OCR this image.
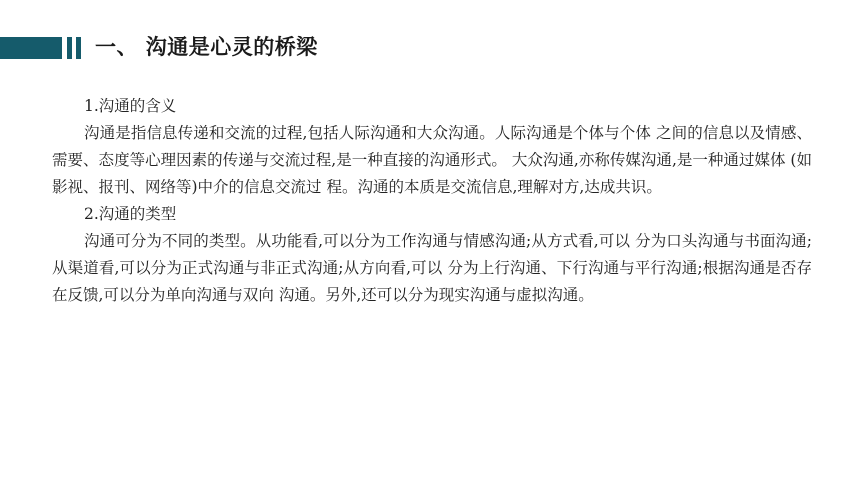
一、 沟通是心灵的桥梁

1.沟通的含义

沟通是指信息传递和交流的过程,包括人际沟通和大众沟通。人际沟通是个体与个体 之间的信息以及情感、需要、态度等心理因素的传递与交流过程,是一种直接的沟通形式。 大众沟通,亦称传媒沟通,是一种通过媒体 (如影视、报刊、网络等)中介的信息交流过 程。沟通的本质是交流信息,理解对方,达成共识。

2.沟通的类型

沟通可分为不同的类型。从功能看,可以分为工作沟通与情感沟通;从方式看,可以 分为口头沟通与书面沟通;从渠道看,可以分为正式沟通与非正式沟通;从方向看,可以 分为上行沟通、下行沟通与平行沟通;根据沟通是否存在反馈,可以分为单向沟通与双向 沟通。另外,还可以分为现实沟通与虚拟沟通。
